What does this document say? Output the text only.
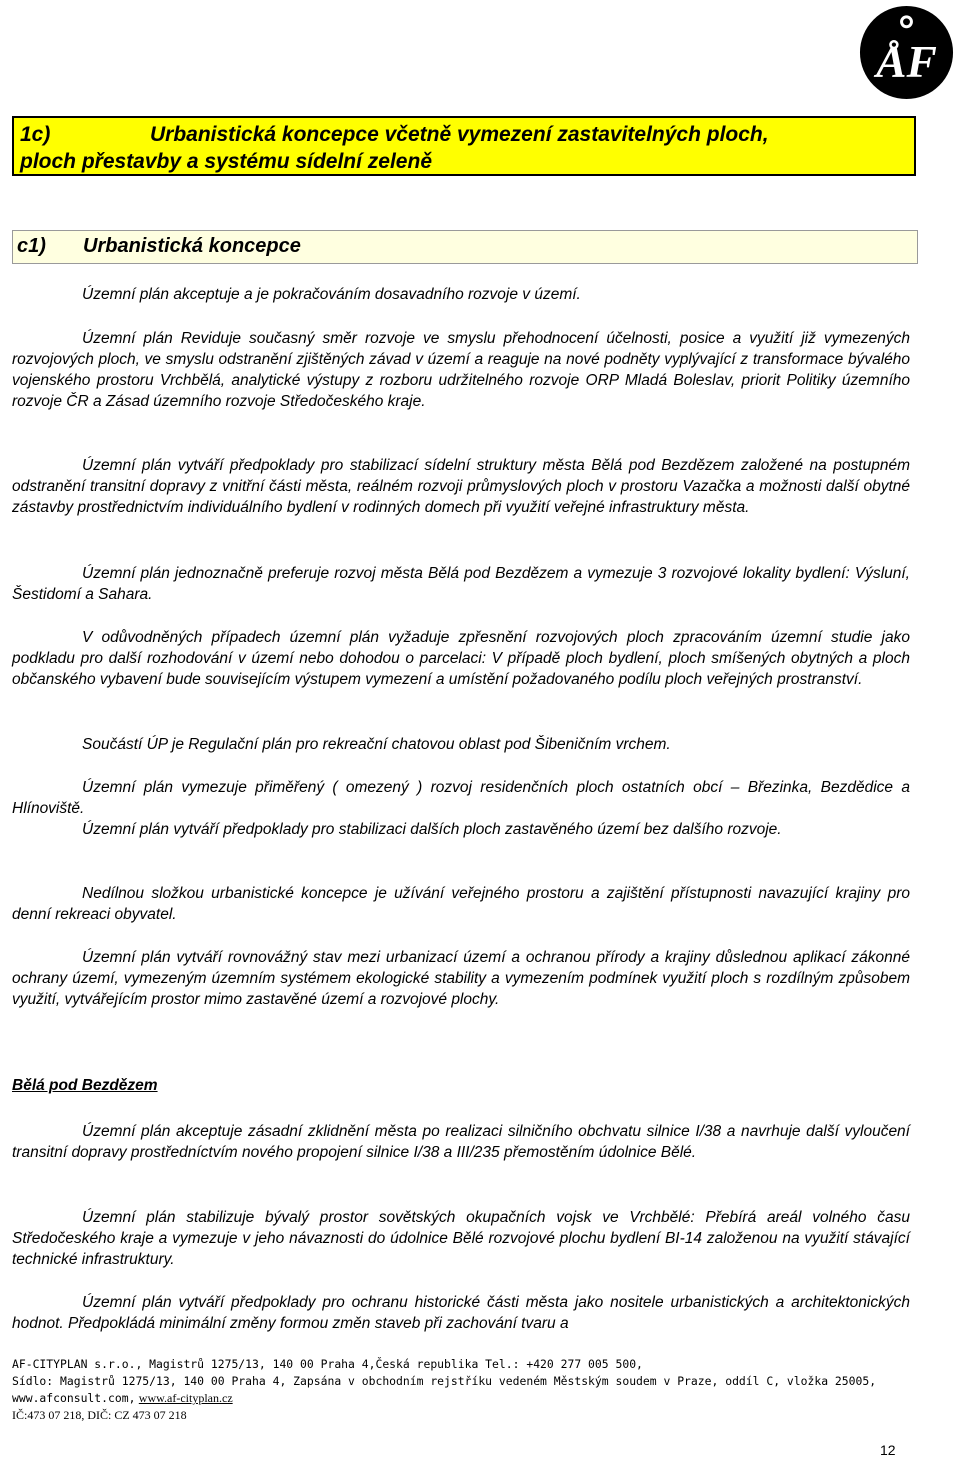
ÅF
1c)	Urbanistická koncepce včetně vymezení zastavitelných ploch,
ploch přestavby a systému sídelní zeleně
c1) Urbanistická koncepce

Územní plán akceptuje a je pokračováním dosavadního rozvoje v území.

Územní plán Reviduje současný směr rozvoje ve smyslu přehodnocení účelnosti, posice a využití již vymezených rozvojových ploch, ve smyslu odstranění zjištěných závad v území a reaguje na nové podněty vyplývající z transformace bývalého vojenského prostoru Vrchbělá, analytické výstupy z rozboru udržitelného rozvoje ORP Mladá Boleslav, priorit Politiky územního rozvoje ČR a Zásad územního rozvoje Středočeského kraje.

Územní plán vytváří předpoklady pro stabilizací sídelní struktury města Bělá pod Bezdězem založené na postupném odstranění transitní dopravy z vnitřní části města, reálném rozvoji průmyslových ploch v prostoru Vazačka a možnosti další obytné zástavby prostřednictvím individuálního bydlení v rodinných domech při využití veřejné infrastruktury města.

Územní plán jednoznačně preferuje rozvoj města Bělá pod Bezdězem a vymezuje 3 rozvojové lokality bydlení: Výsluní, Šestidomí a Sahara.

V odůvodněných případech územní plán vyžaduje zpřesnění rozvojových ploch zpracováním územní studie jako podkladu pro další rozhodování v území nebo dohodou o parcelaci: V případě ploch bydlení, ploch smíšených obytných a ploch občanského vybavení bude souvisejícím výstupem vymezení a umístění požadovaného podílu ploch veřejných prostranství.

Součástí ÚP je Regulační plán pro rekreační chatovou oblast pod Šibeničním vrchem.

Územní plán vymezuje přiměřený ( omezený ) rozvoj residenčních ploch ostatních obcí – Březinka, Bezdědice a Hlínoviště.

Územní plán vytváří předpoklady pro stabilizaci dalších ploch zastavěného území bez dalšího rozvoje.

Nedílnou složkou urbanistické koncepce je užívání veřejného prostoru a zajištění přístupnosti navazující krajiny pro denní rekreaci obyvatel.

Územní plán vytváří rovnovážný stav mezi urbanizací území a ochranou přírody a krajiny důslednou aplikací zákonné ochrany území, vymezeným územním systémem ekologické stability a vymezením podmínek využití ploch s rozdílným způsobem využití, vytvářejícím prostor mimo zastavěné území a rozvojové plochy.

Bělá pod Bezdězem

Územní plán akceptuje zásadní zklidnění města po realizaci silničního obchvatu silnice I/38 a navrhuje další vyloučení transitní dopravy prostředníctvím nového propojení silnice I/38 a III/235 přemostěním údolnice Bělé.

Územní plán stabilizuje bývalý prostor sovětských okupačních vojsk ve Vrchbělé: Přebírá areál volného času Středočeského kraje a vymezuje v jeho návaznosti do údolnice Bělé rozvojové plochu bydlení BI-14 založenou na využití stávající technické infrastruktury.

Územní plán vytváří předpoklady pro ochranu historické části města jako nositele urbanistických a architektonických hodnot. Předpokládá minimální změny formou změn staveb při zachování tvaru a

AF-CITYPLAN s.r.o., Magistrů 1275/13, 140 00 Praha 4,Česká republika Tel.: +420 277 005 500,
Sídlo: Magistrů 1275/13, 140 00 Praha 4, Zapsána v obchodním rejstříku vedeném Městským soudem v Praze, oddíl C, vložka 25005,
www.afconsult.com, www.af-cityplan.cz
IČ:473 07 218, DIČ: CZ 473 07 218
12
